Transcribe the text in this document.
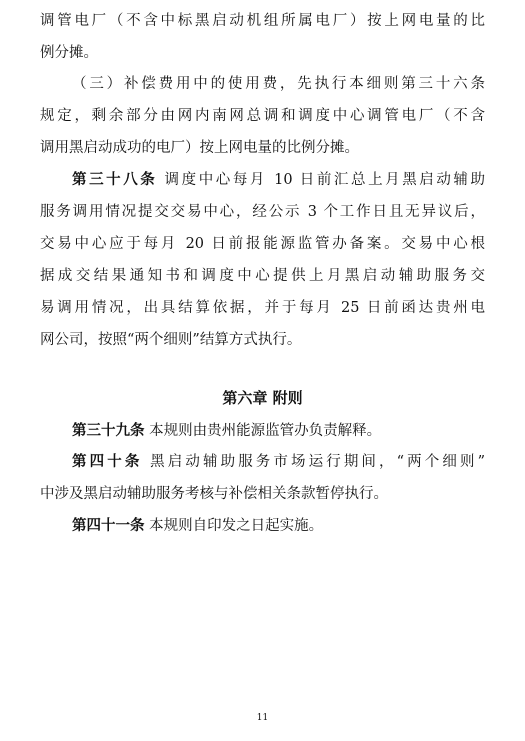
调管电厂（不含中标黑启动机组所属电厂）按上网电量的比
例分摊。
（三）补偿费用中的使用费，先执行本细则第三十六条
规定，剩余部分由网内南网总调和调度中心调管电厂（不含
调用黑启动成功的电厂）按上网电量的比例分摊。
第三十八条 调度中心每月 10 日前汇总上月黑启动辅助
服务调用情况提交交易中心，经公示 3 个工作日且无异议后，
交易中心应于每月 20 日前报能源监管办备案。交易中心根
据成交结果通知书和调度中心提供上月黑启动辅助服务交
易调用情况，出具结算依据，并于每月 25 日前函达贵州电
网公司，按照“两个细则”结算方式执行。
第六章 附则
第三十九条 本规则由贵州能源监管办负责解释。
第四十条 黑启动辅助服务市场运行期间，“两个细则”
中涉及黑启动辅助服务考核与补偿相关条款暂停执行。
第四十一条 本规则自印发之日起实施。
11
